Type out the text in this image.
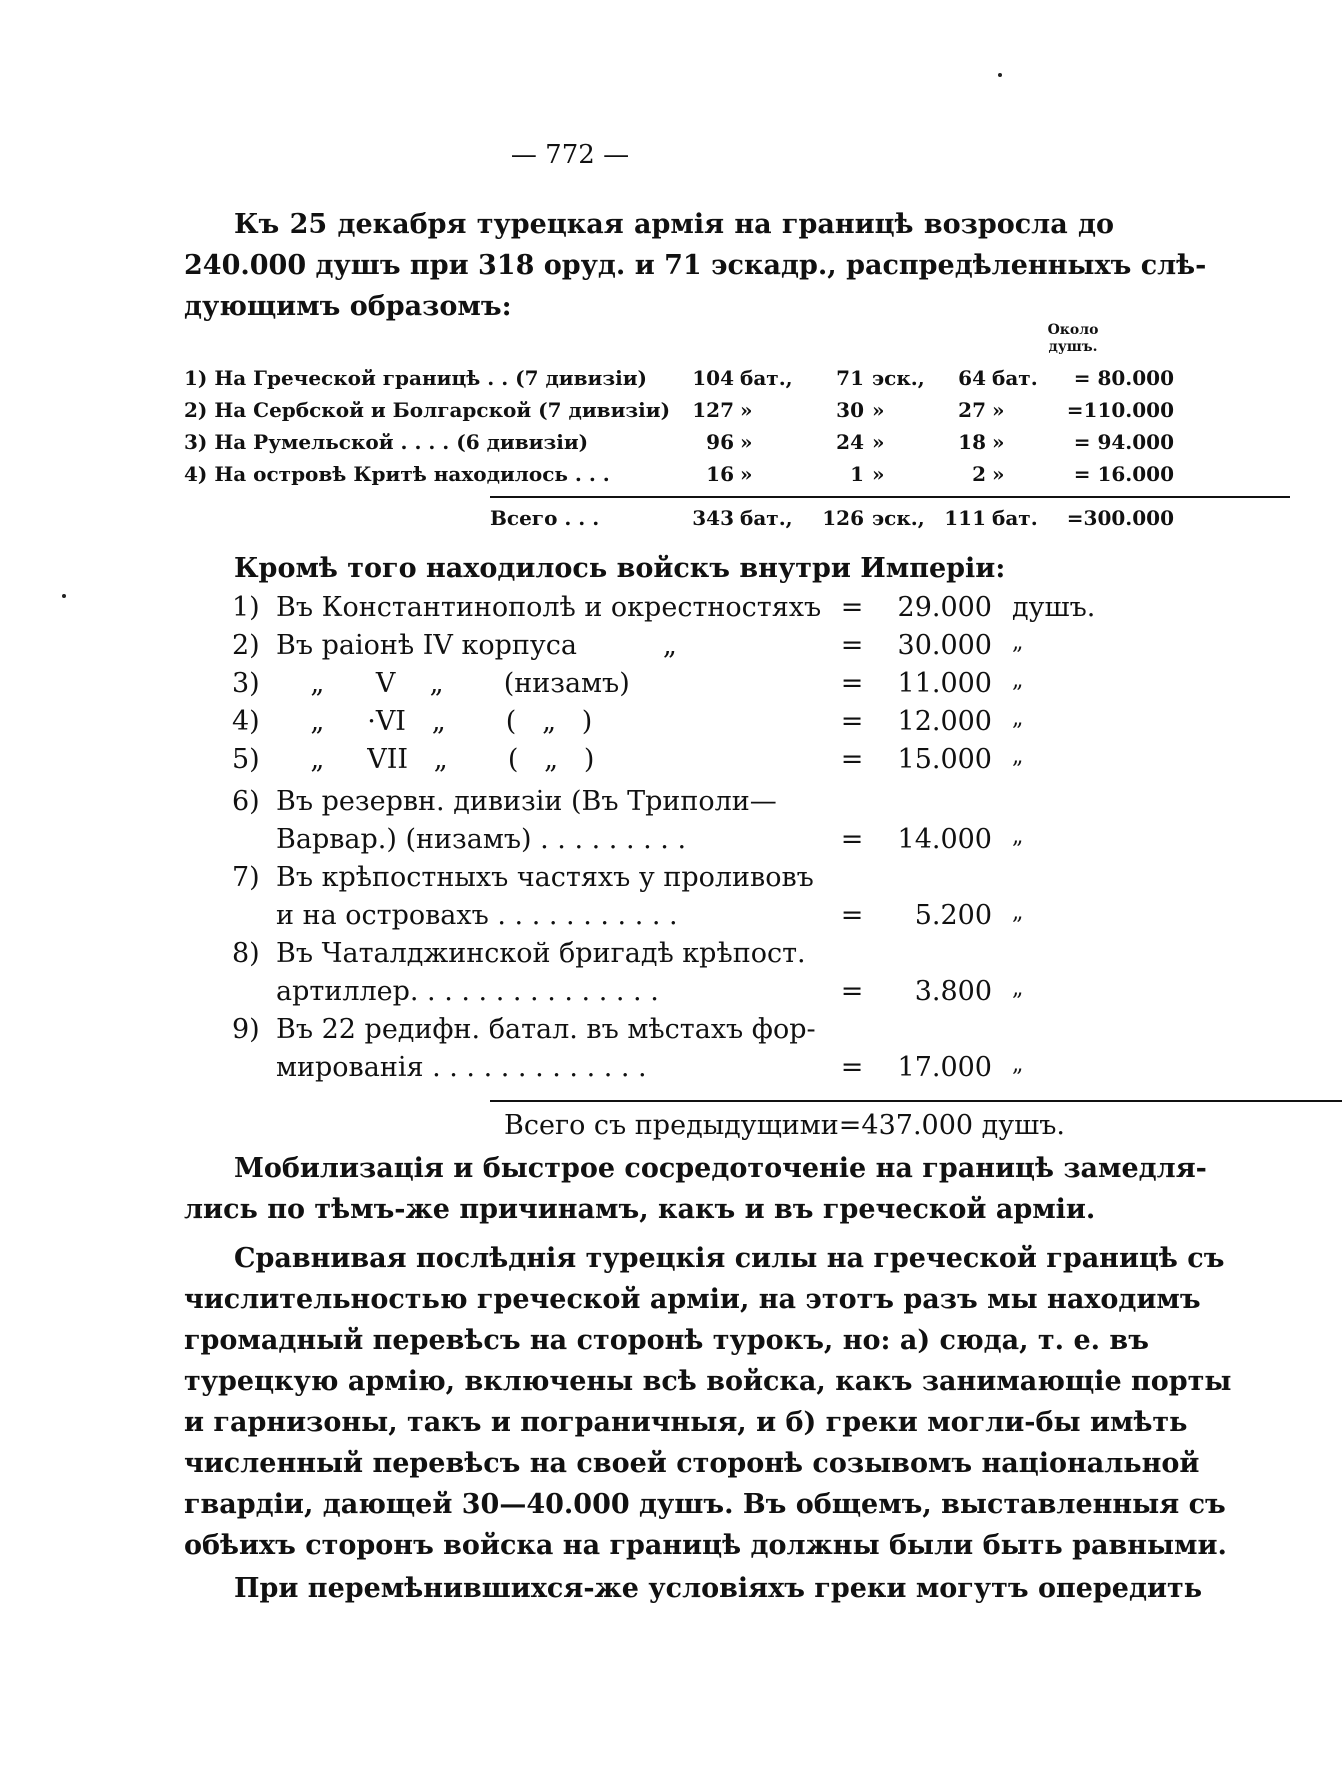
— 772 —
Къ 25 декабря турецкая армія на границѣ возросла до
240.000 душъ при 318 оруд. и 71 эскадр., распредѣленныхъ слѣ-
дующимъ образомъ:
Около
душъ.
1) На Греческой границѣ . . (7 дивизiи)	104 бат.,	71 эск.,	64 бат.	= 80.000
2) На Сербской и Болгарской (7 дивизiи)	127 »	30 »	27 »	=110.000
3) На Румельской . . . . (6 дивизiи)	96 »	24 »	18 »	= 94.000
4) На островѣ Критѣ находилось . . .	16 »	1 »	2 »	= 16.000
Всего . . .	343 бат.,	126 эск., 111 бат.	=300.000
Кромѣ того находилось войскъ внутри Имперiи:
1) Въ Константинополѣ и окрестностяхъ =	29.000 душъ.
2) Въ раіонѣ IV корпуса          „	=	30.000 „
3) „      V    „       (низамъ)	=	11.000 „
4) „     ·VI   „       (   „   )	=	12.000 „
5) „     VII   „       (   „   )	=	15.000 „
6) Въ резервн. дивизіи (Въ Триполи—
Варвар.) (низамъ) . . . . . . . . .	=	14.000 „
7) Въ крѣпостныхъ частяхъ у проливовъ
и на островахъ . . . . . . . . . . .	=	5.200 „
8) Въ Чаталджинской бригадѣ крѣпост.
артиллер. . . . . . . . . . . . . . .	=	3.800 „
9) Въ 22 редифн. батал. въ мѣстахъ фор-
мированія . . . . . . . . . . . . .	=	17.000 „
Всего съ предыдущими=437.000 душъ.
Мобилизація и быстрое сосредоточеніе на границѣ замедля-
лись по тѣмъ-же причинамъ, какъ и въ греческой арміи.
Сравнивая послѣднія турецкія силы на греческой границѣ съ
числительностью греческой арміи, на этотъ разъ мы находимъ
громадный перевѣсъ на сторонѣ турокъ, но: а) сюда, т. е. въ
турецкую армію, включены всѣ войска, какъ занимающіе порты
и гарнизоны, такъ и пограничныя, и б) греки могли-бы имѣть
численный перевѣсъ на своей сторонѣ созывомъ національной
гвардіи, дающей 30—40.000 душъ. Въ общемъ, выставленныя съ
обѣихъ сторонъ войска на границѣ должны были быть равными.
При перемѣнившихся-же условіяхъ греки могутъ опередить
